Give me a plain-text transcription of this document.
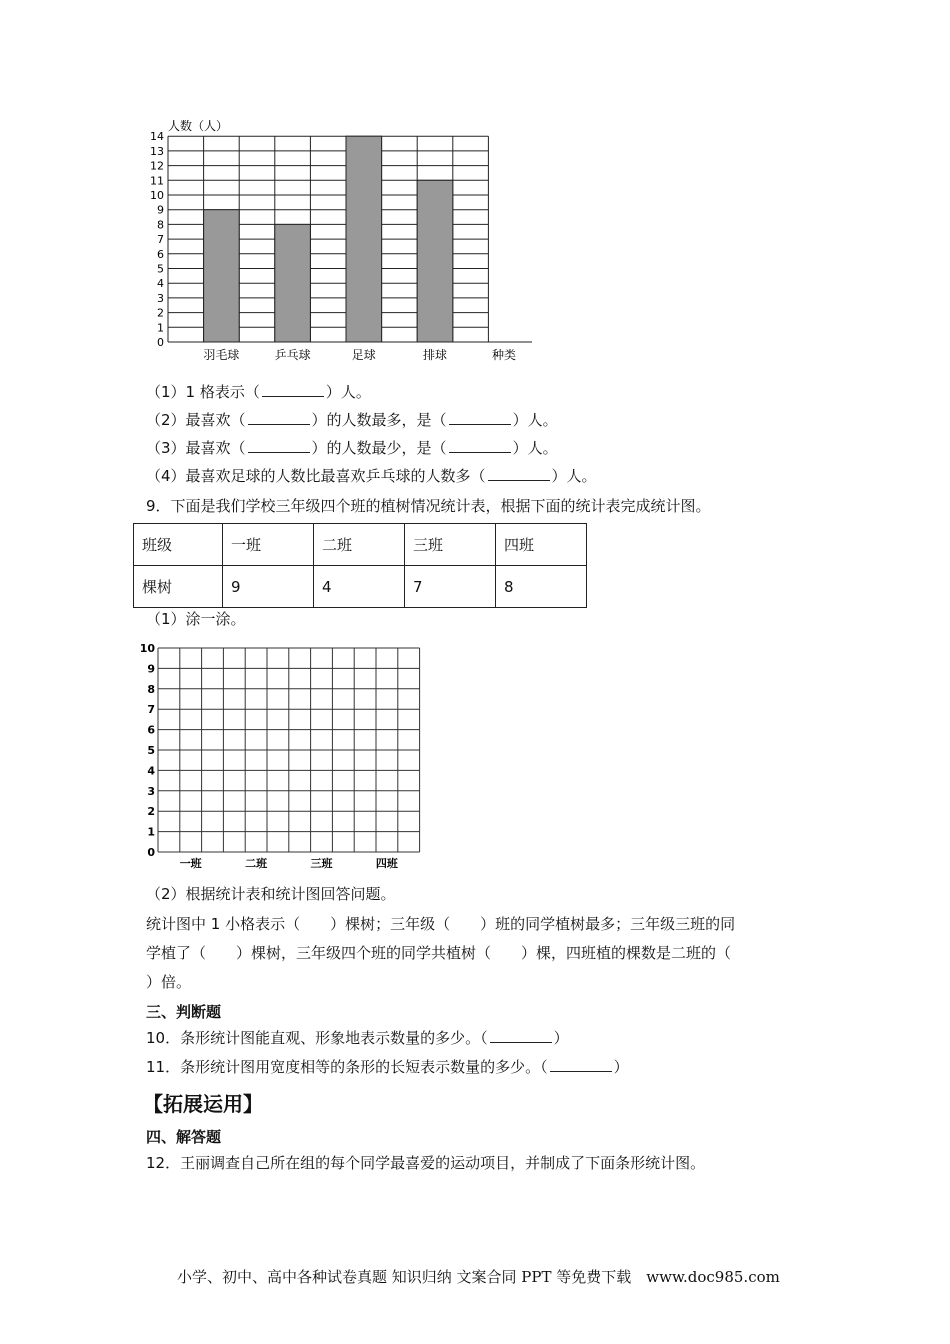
0
1
2
3
4
5
6
7
8
9
10
11
12
13
14
羽毛球	乒乓球	足球	排球
人数（人）
种类
（1）1 格表示（	）人。
（2）最喜欢（	）的人数最多，是（	）人。
（3）最喜欢（	）的人数最少，是（	）人。
（4）最喜欢足球的人数比最喜欢乒乓球的人数多（	）人。
9．下面是我们学校三年级四个班的植树情况统计表，根据下面的统计表完成统计图。
班级	一班	二班	三班	四班
棵树	9	4	7	8
（1）涂一涂。
0
1
2
3
4
5
6
7
8
9
10
一班	二班	三班	四班
（2）根据统计表和统计图回答问题。
统计图中 1 小格表示（　　）棵树；三年级（　　）班的同学植树最多；三年级三班的同
学植了（　　）棵树，三年级四个班的同学共植树（　　）棵，四班植的棵数是二班的（
）倍。
三、判断题
10．条形统计图能直观、形象地表示数量的多少。（	）
11．条形统计图用宽度相等的条形的长短表示数量的多少。（	）
【拓展运用】
四、解答题
12．王丽调查自己所在组的每个同学最喜爱的运动项目，并制成了下面条形统计图。
小学、初中、高中各种试卷真题 知识归纳 文案合同 PPT 等免费下载　www.doc985.com
